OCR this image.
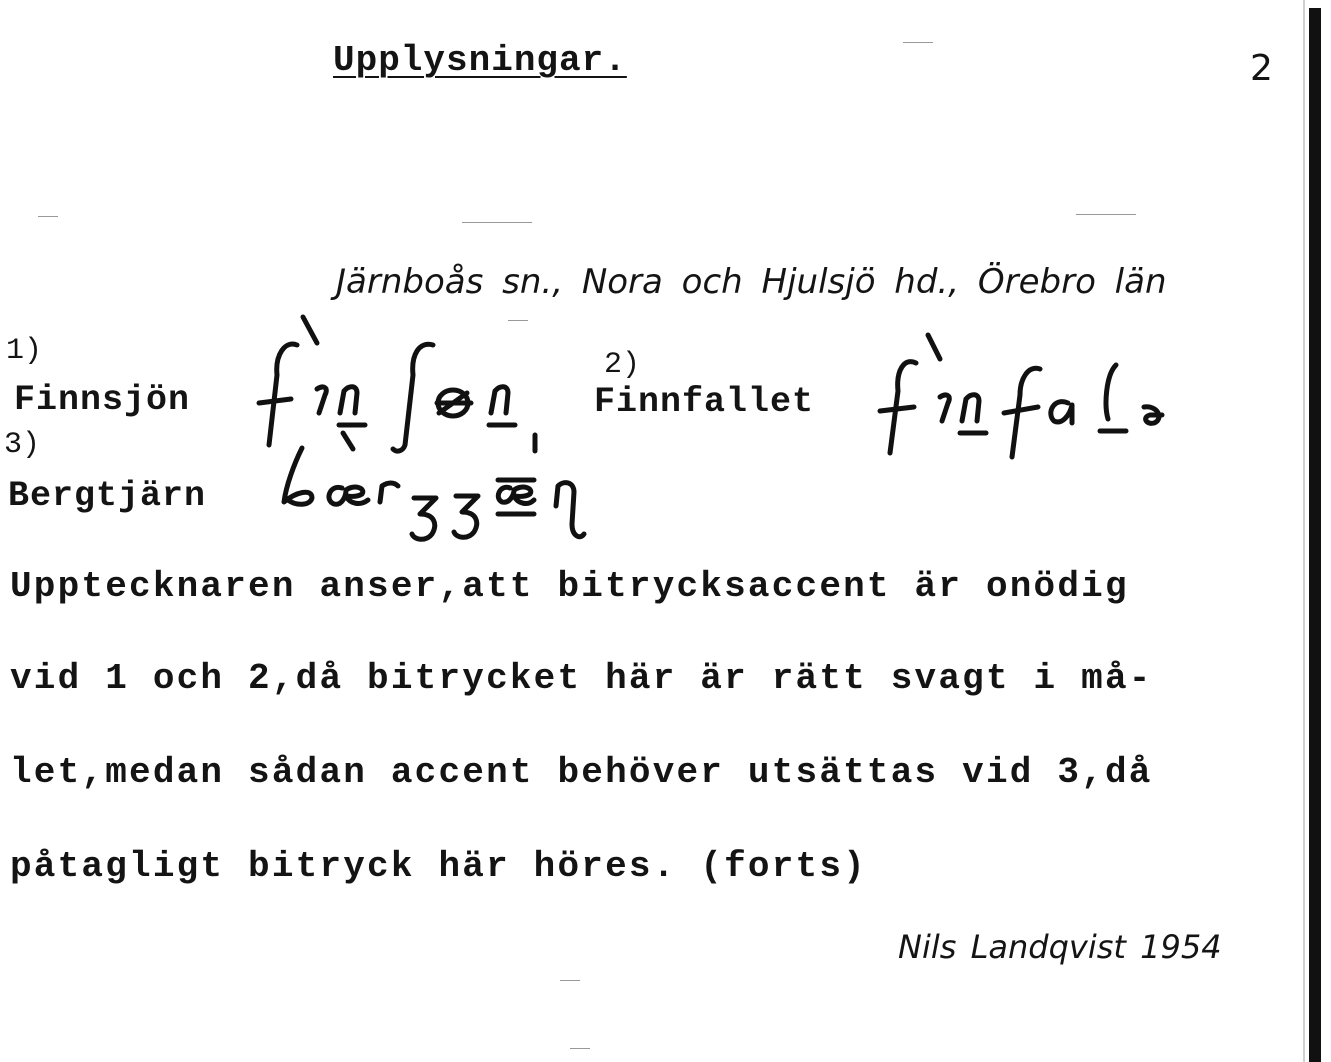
Upplysningar.	2
Järnboås sn., Nora och Hjulsjö hd., Örebro län
1)
Finnsjön
2)
Finnfallet
3)
Bergtjärn
Upptecknaren anser,att bitrycksaccent är onödig
vid 1 och 2,då bitrycket här är rätt svagt i må-
let,medan sådan accent behöver utsättas vid 3,då
påtagligt bitryck här höres. (forts)
Nils Landqvist 1954
